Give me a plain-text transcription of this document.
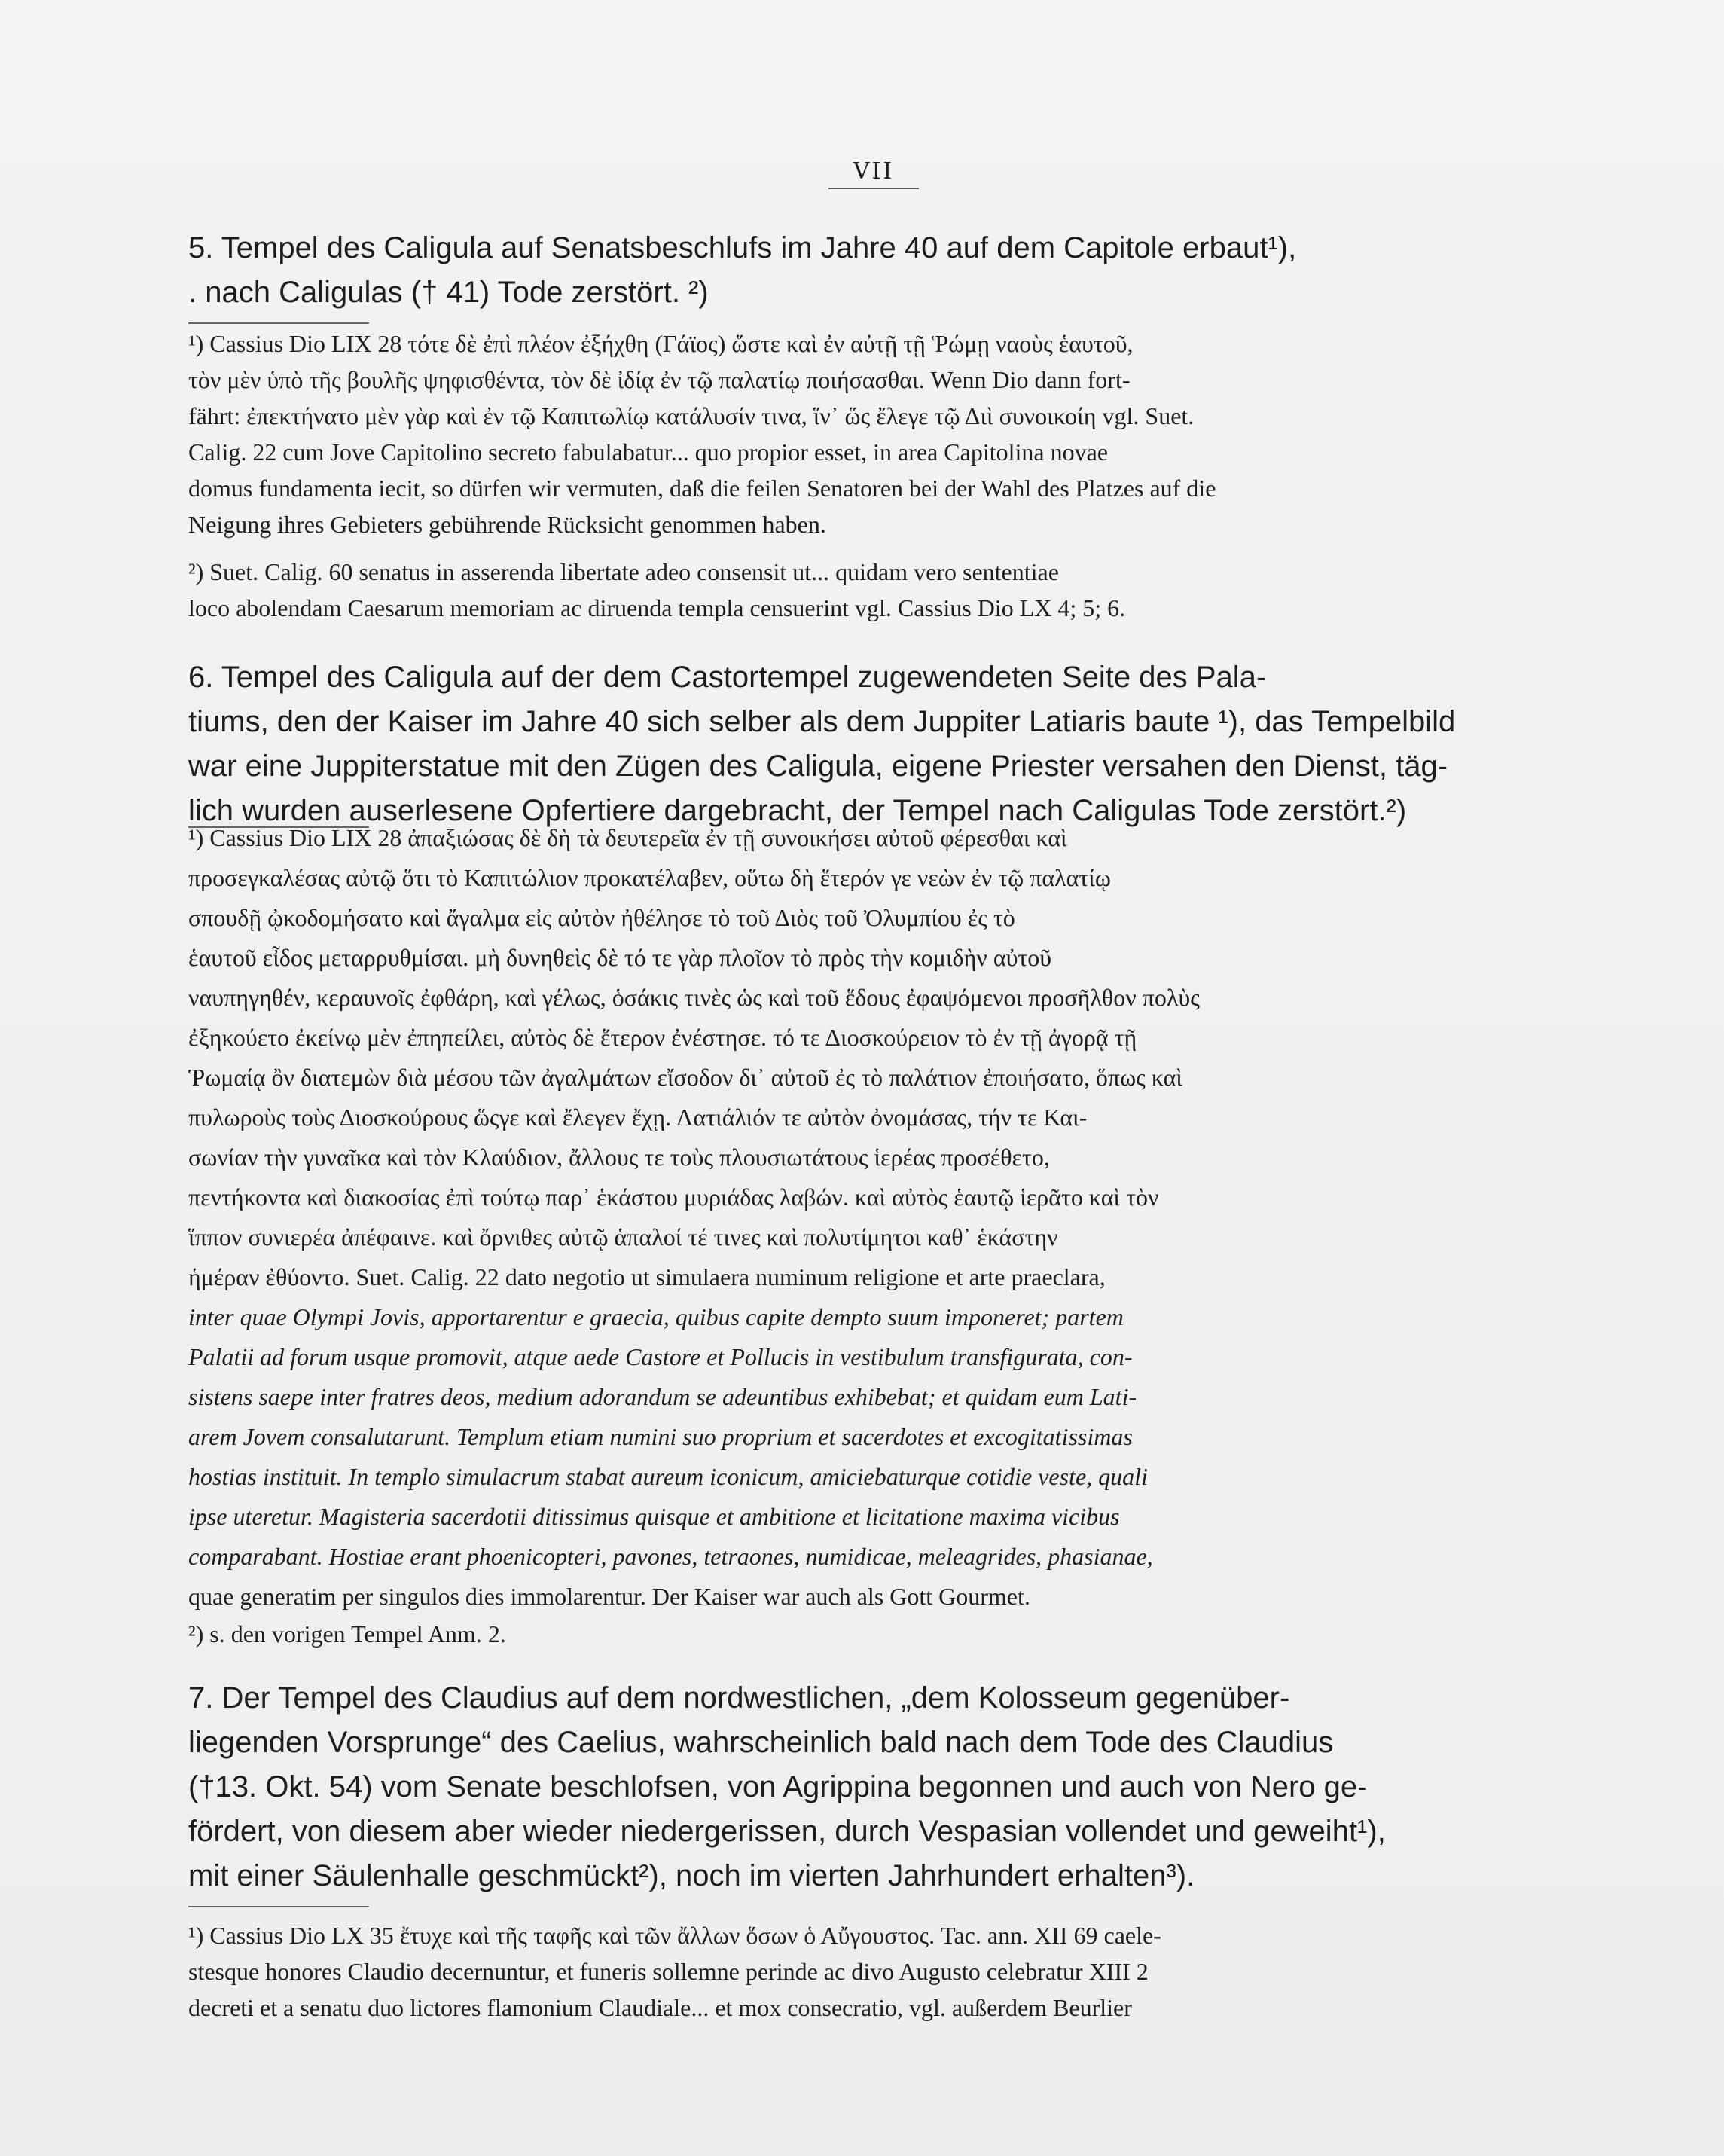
VII

5. Tempel des Caligula auf Senatsbeschlufs im Jahre 40 auf dem Capitole erbaut¹),
. nach Caligulas († 41) Tode zerstört. ²)

¹) Cassius Dio LIX 28 τότε δὲ ἐπὶ πλέον ἐξήχθη (Γάϊος) ὥστε καὶ ἐν αὐτῇ τῇ Ῥώμῃ ναοὺς ἑαυτοῦ,
τὸν μὲν ὑπὸ τῆς βουλῆς ψηφισθέντα, τὸν δὲ ἰδίᾳ ἐν τῷ παλατίῳ ποιήσασθαι. Wenn Dio dann fort-
fährt: ἐπεκτήνατο μὲν γὰρ καὶ ἐν τῷ Καπιτωλίῳ κατάλυσίν τινα, ἵν᾽ ὥς ἔλεγε τῷ Διὶ συνοικοίη vgl. Suet.
Calig. 22 cum Jove Capitolino secreto fabulabatur... quo propior esset, in area Capitolina novae
domus fundamenta iecit, so dürfen wir vermuten, daß die feilen Senatoren bei der Wahl des Platzes auf die
Neigung ihres Gebieters gebührende Rücksicht genommen haben.

²) Suet. Calig. 60 senatus in asserenda libertate adeo consensit ut... quidam vero sententiae
loco abolendam Caesarum memoriam ac diruenda templa censuerint vgl. Cassius Dio LX 4; 5; 6.

6. Tempel des Caligula auf der dem Castortempel zugewendeten Seite des Pala-
tiums, den der Kaiser im Jahre 40 sich selber als dem Juppiter Latiaris baute ¹), das Tempelbild
war eine Juppiterstatue mit den Zügen des Caligula, eigene Priester versahen den Dienst, täg-
lich wurden auserlesene Opfertiere dargebracht, der Tempel nach Caligulas Tode zerstört.²)

¹) Cassius Dio LIX 28 ἀπαξιώσας δὲ δὴ τὰ δευτερεῖα ἐν τῇ συνοικήσει αὐτοῦ φέρεσθαι καὶ
προσεγκαλέσας αὐτῷ ὅτι τὸ Καπιτώλιον προκατέλαβεν, οὕτω δὴ ἕτερόν γε νεὼν ἐν τῷ παλατίῳ
σπουδῇ ᾠκοδομήσατο καὶ ἄγαλμα εἰς αὐτὸν ἠθέλησε τὸ τοῦ Διὸς τοῦ Ὀλυμπίου ἐς τὸ
ἑαυτοῦ εἶδος μεταρρυθμίσαι. μὴ δυνηθεὶς δὲ τό τε γὰρ πλοῖον τὸ πρὸς τὴν κομιδὴν αὐτοῦ
ναυπηγηθέν, κεραυνοῖς ἐφθάρη, καὶ γέλως, ὁσάκις τινὲς ὡς καὶ τοῦ ἕδους ἐφαψόμενοι προσῆλθον πολὺς
ἐξηκούετο ἐκείνῳ μὲν ἐπηπείλει, αὐτὸς δὲ ἕτερον ἐνέστησε. τό τε Διοσκούρειον τὸ ἐν τῇ ἀγορᾷ τῇ
Ῥωμαίᾳ ὂν διατεμὼν διὰ μέσου τῶν ἀγαλμάτων εἴσοδον δι᾽ αὐτοῦ ἐς τὸ παλάτιον ἐποιήσατο, ὅπως καὶ
πυλωροὺς τοὺς Διοσκούρους ὥςγε καὶ ἔλεγεν ἔχῃ. Λατιάλιόν τε αὐτὸν ὀνομάσας, τήν τε Και-
σωνίαν τὴν γυναῖκα καὶ τὸν Κλαύδιον, ἄλλους τε τοὺς πλουσιωτάτους ἱερέας προσέθετο,
πεντήκοντα καὶ διακοσίας ἐπὶ τούτῳ παρ᾽ ἑκάστου μυριάδας λαβών. καὶ αὐτὸς ἑαυτῷ ἱερᾶτο καὶ τὸν
ἵππον συνιερέα ἀπέφαινε. καὶ ὄρνιθες αὐτῷ ἁπαλοί τέ τινες καὶ πολυτίμητοι καθ᾽ ἑκάστην
ἡμέραν ἐθύοντο. Suet. Calig. 22 dato negotio ut simulaera numinum religione et arte praeclara,
inter quae Olympi Jovis, apportarentur e graecia, quibus capite dempto suum imponeret; partem
Palatii ad forum usque promovit, atque aede Castore et Pollucis in vestibulum transfigurata, con-
sistens saepe inter fratres deos, medium adorandum se adeuntibus exhibebat; et quidam eum Lati-
arem Jovem consalutarunt. Templum etiam numini suo proprium et sacerdotes et excogitatissimas
hostias instituit. In templo simulacrum stabat aureum iconicum, amiciebaturque cotidie veste, quali
ipse uteretur. Magisteria sacerdotii ditissimus quisque et ambitione et licitatione maxima vicibus
comparabant. Hostiae erant phoenicopteri, pavones, tetraones, numidicae, meleagrides, phasianae,
quae generatim per singulos dies immolarentur. Der Kaiser war auch als Gott Gourmet.

²) s. den vorigen Tempel Anm. 2.

7. Der Tempel des Claudius auf dem nordwestlichen, „dem Kolosseum gegenüber-
liegenden Vorsprunge“ des Caelius, wahrscheinlich bald nach dem Tode des Claudius
(†13. Okt. 54) vom Senate beschlofsen, von Agrippina begonnen und auch von Nero ge-
fördert, von diesem aber wieder niedergerissen, durch Vespasian vollendet und geweiht¹),
mit einer Säulenhalle geschmückt²), noch im vierten Jahrhundert erhalten³).

¹) Cassius Dio LX 35 ἔτυχε καὶ τῆς ταφῆς καὶ τῶν ἄλλων ὅσων ὁ Αὔγουστος. Tac. ann. XII 69 caele-
stesque honores Claudio decernuntur, et funeris sollemne perinde ac divo Augusto celebratur XIII 2
decreti et a senatu duo lictores flamonium Claudiale... et mox consecratio, vgl. außerdem Beurlier
